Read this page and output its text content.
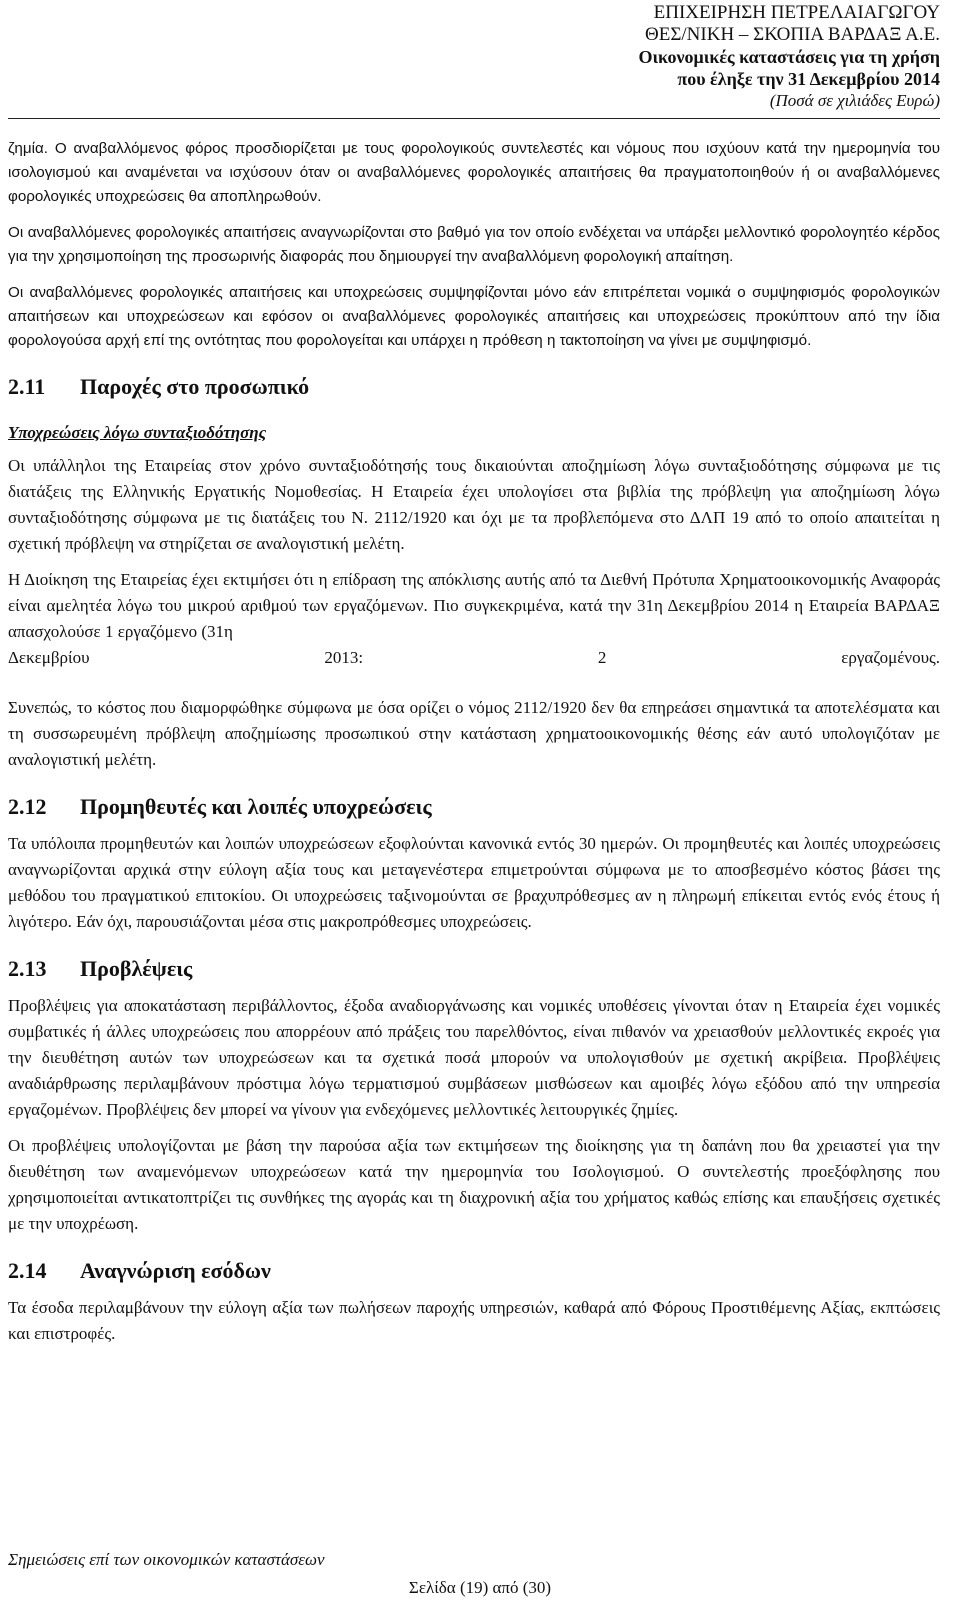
ΕΠΙΧΕΙΡΗΣΗ ΠΕΤΡΕΛΑΙΑΓΩΓΟΥ
ΘΕΣ/ΝΙΚΗ – ΣΚΟΠΙΑ ΒΑΡΔΑΞ Α.Ε.
Οικονομικές καταστάσεις για τη χρήση
που έληξε την 31 Δεκεμβρίου 2014
(Ποσά σε χιλιάδες Ευρώ)

ζημία. Ο αναβαλλόμενος φόρος προσδιορίζεται με τους φορολογικούς συντελεστές και νόμους που ισχύουν κατά την ημερομηνία του ισολογισμού και αναμένεται να ισχύσουν όταν οι αναβαλλόμενες φορολογικές απαιτήσεις θα πραγματοποιηθούν ή οι αναβαλλόμενες φορολογικές υποχρεώσεις θα αποπληρωθούν.

Οι αναβαλλόμενες φορολογικές απαιτήσεις αναγνωρίζονται στο βαθμό για τον οποίο ενδέχεται να υπάρξει μελλοντικό φορολογητέο κέρδος για την χρησιμοποίηση της προσωρινής διαφοράς που δημιουργεί την αναβαλλόμενη φορολογική απαίτηση.

Οι αναβαλλόμενες φορολογικές απαιτήσεις και υποχρεώσεις συμψηφίζονται μόνο εάν επιτρέπεται νομικά ο συμψηφισμός φορολογικών απαιτήσεων και υποχρεώσεων και εφόσον οι αναβαλλόμενες φορολογικές απαιτήσεις και υποχρεώσεις προκύπτουν από την ίδια φορολογούσα αρχή επί της οντότητας που φορολογείται και υπάρχει η πρόθεση η τακτοποίηση να γίνει με συμψηφισμό.

2.11 Παροχές στο προσωπικό
Υποχρεώσεις λόγω συνταξιοδότησης

Οι υπάλληλοι της Εταιρείας στον χρόνο συνταξιοδότησής τους δικαιούνται αποζημίωση λόγω συνταξιοδότησης σύμφωνα με τις διατάξεις της Ελληνικής Εργατικής Νομοθεσίας. Η Εταιρεία έχει υπολογίσει στα βιβλία της πρόβλεψη για αποζημίωση λόγω συνταξιοδότησης σύμφωνα με τις διατάξεις του Ν. 2112/1920 και όχι με τα προβλεπόμενα στο ΔΛΠ 19 από το οποίο απαιτείται η σχετική πρόβλεψη να στηρίζεται σε αναλογιστική μελέτη.

Η Διοίκηση της Εταιρείας έχει εκτιμήσει ότι η επίδραση της απόκλισης αυτής από τα Διεθνή Πρότυπα Χρηματοοικονομικής Αναφοράς είναι αμελητέα λόγω του μικρού αριθμού των εργαζόμενων. Πιο συγκεκριμένα, κατά την 31η Δεκεμβρίου 2014 η Εταιρεία ΒΑΡΔΑΞ απασχολούσε 1 εργαζόμενο (31η

Δεκεμβρίου 2013: 2 εργαζομένους.

Συνεπώς, το κόστος που διαμορφώθηκε σύμφωνα με όσα ορίζει ο νόμος 2112/1920 δεν θα επηρεάσει σημαντικά τα αποτελέσματα και τη συσσωρευμένη πρόβλεψη αποζημίωσης προσωπικού στην κατάσταση χρηματοοικονομικής θέσης εάν αυτό υπολογιζόταν με αναλογιστική μελέτη.

2.12 Προμηθευτές και λοιπές υποχρεώσεις

Τα υπόλοιπα προμηθευτών και λοιπών υποχρεώσεων εξοφλούνται κανονικά εντός 30 ημερών. Οι προμηθευτές και λοιπές υποχρεώσεις αναγνωρίζονται αρχικά στην εύλογη αξία τους και μεταγενέστερα επιμετρούνται σύμφωνα με το αποσβεσμένο κόστος βάσει της μεθόδου του πραγματικού επιτοκίου. Οι υποχρεώσεις ταξινομούνται σε βραχυπρόθεσμες αν η πληρωμή επίκειται εντός ενός έτους ή λιγότερο. Εάν όχι, παρουσιάζονται μέσα στις μακροπρόθεσμες υποχρεώσεις.

2.13 Προβλέψεις

Προβλέψεις για αποκατάσταση περιβάλλοντος, έξοδα αναδιοργάνωσης και νομικές υποθέσεις γίνονται όταν η Εταιρεία έχει νομικές συμβατικές ή άλλες υποχρεώσεις που απορρέουν από πράξεις του παρελθόντος, είναι πιθανόν να χρειασθούν μελλοντικές εκροές για την διευθέτηση αυτών των υποχρεώσεων και τα σχετικά ποσά μπορούν να υπολογισθούν με σχετική ακρίβεια. Προβλέψεις αναδιάρθρωσης περιλαμβάνουν πρόστιμα λόγω τερματισμού συμβάσεων μισθώσεων και αμοιβές λόγω εξόδου από την υπηρεσία εργαζομένων. Προβλέψεις δεν μπορεί να γίνουν για ενδεχόμενες μελλοντικές λειτουργικές ζημίες.

Οι προβλέψεις υπολογίζονται με βάση την παρούσα αξία των εκτιμήσεων της διοίκησης για τη δαπάνη που θα χρειαστεί για την διευθέτηση των αναμενόμενων υποχρεώσεων κατά την ημερομηνία του Ισολογισμού. Ο συντελεστής προεξόφλησης που χρησιμοποιείται αντικατοπτρίζει τις συνθήκες της αγοράς και τη διαχρονική αξία του χρήματος καθώς επίσης και επαυξήσεις σχετικές με την υποχρέωση.

2.14 Αναγνώριση εσόδων

Τα έσοδα περιλαμβάνουν την εύλογη αξία των πωλήσεων παροχής υπηρεσιών, καθαρά από Φόρους Προστιθέμενης Αξίας, εκπτώσεις και επιστροφές.

Σημειώσεις επί των οικονομικών καταστάσεων
Σελίδα (19) από (30)
